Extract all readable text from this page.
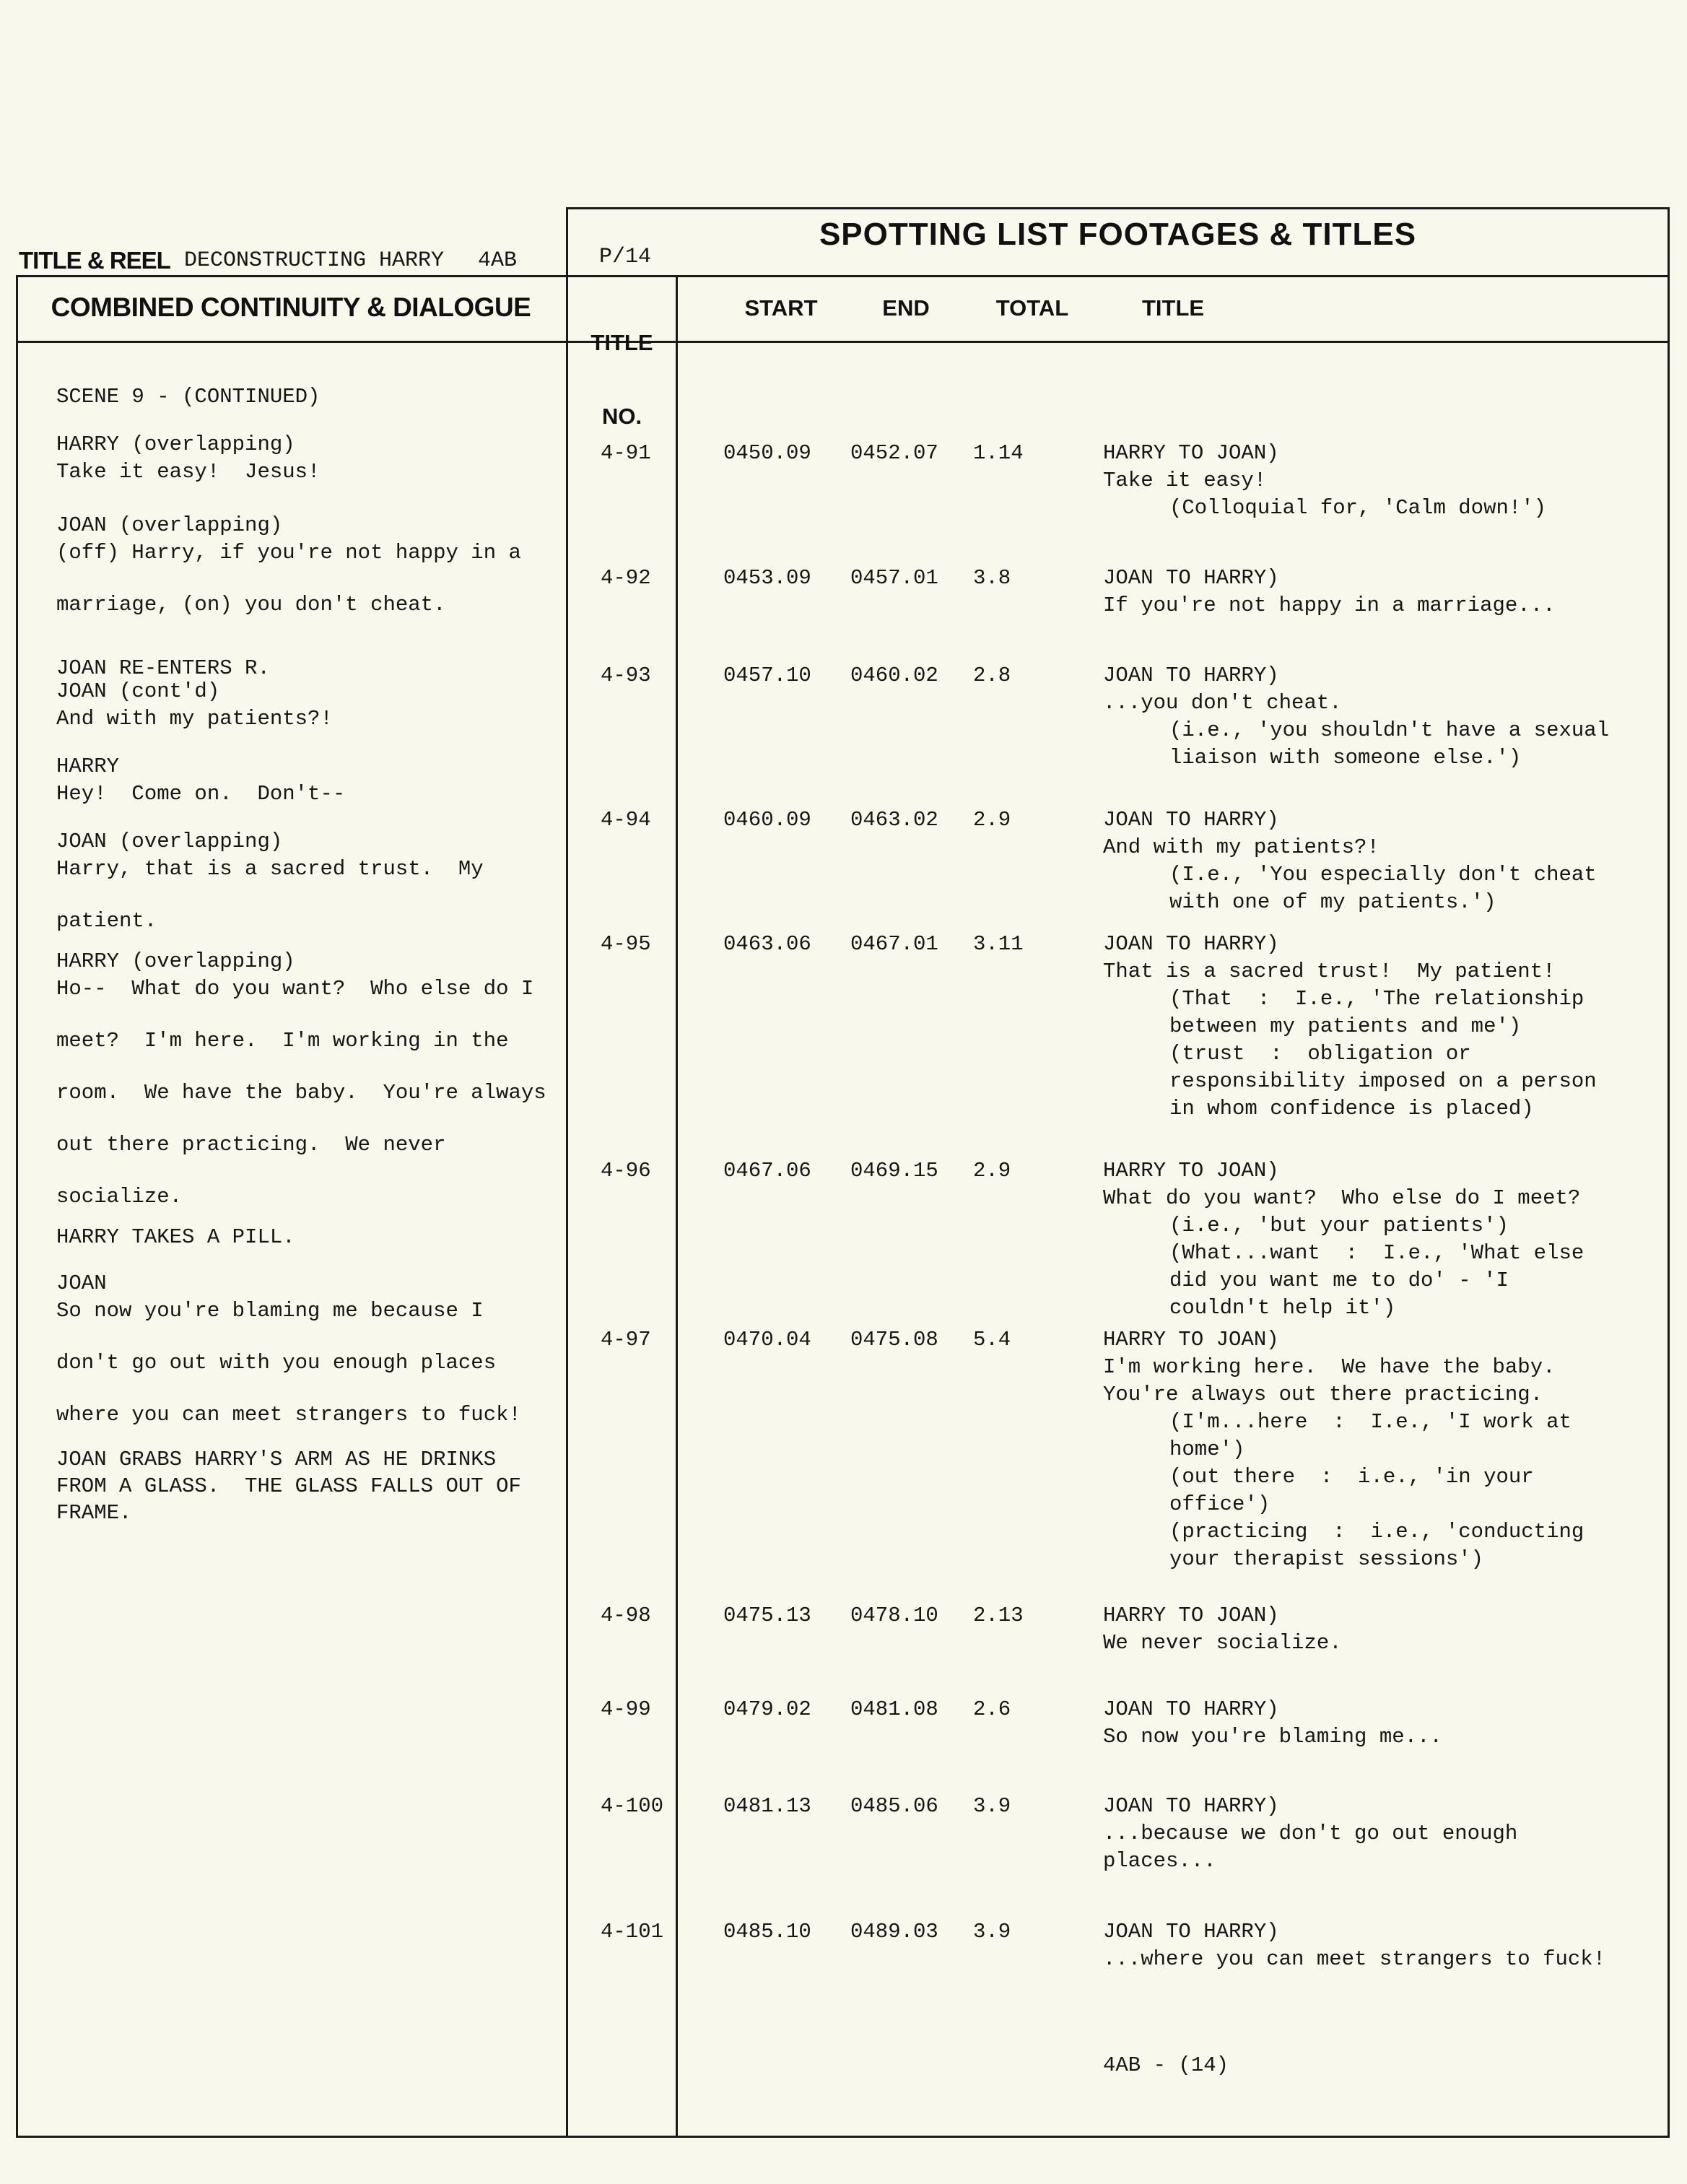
TITLE & REEL DECONSTRUCTING HARRY 4AB	P/14
SPOTTING LIST FOOTAGES & TITLES
COMBINED CONTINUITY & DIALOGUE

TITLE

NO.

START	END	TOTAL	TITLE
SCENE 9 - (CONTINUED)
HARRY (overlapping)
Take it easy!  Jesus!
JOAN (overlapping)
(off) Harry, if you're not happy in a
marriage, (on) you don't cheat.
JOAN RE-ENTERS R.
JOAN (cont'd)
And with my patients?!
HARRY
Hey!  Come on.  Don't--
JOAN (overlapping)
Harry, that is a sacred trust.  My
patient.
HARRY (overlapping)
Ho--  What do you want?  Who else do I
meet?  I'm here.  I'm working in the
room.  We have the baby.  You're always
out there practicing.  We never
socialize.
HARRY TAKES A PILL.
JOAN
So now you're blaming me because I
don't go out with you enough places
where you can meet strangers to fuck!
JOAN GRABS HARRY'S ARM AS HE DRINKS
FROM A GLASS.  THE GLASS FALLS OUT OF
FRAME.
4-91	0450.09 0452.07 1.14	HARRY TO JOAN)
Take it easy!
(Colloquial for, 'Calm down!')
4-92	0453.09 0457.01 3.8	JOAN TO HARRY)
If you're not happy in a marriage...
4-93	0457.10 0460.02 2.8	JOAN TO HARRY)
...you don't cheat.
(i.e., 'you shouldn't have a sexual
liaison with someone else.')
4-94	0460.09 0463.02 2.9	JOAN TO HARRY)
And with my patients?!
(I.e., 'You especially don't cheat
with one of my patients.')
4-95	0463.06 0467.01 3.11	JOAN TO HARRY)
That is a sacred trust!  My patient!
(That  :  I.e., 'The relationship
between my patients and me')
(trust  :  obligation or
responsibility imposed on a person
in whom confidence is placed)
4-96	0467.06 0469.15 2.9	HARRY TO JOAN)
What do you want?  Who else do I meet?
(i.e., 'but your patients')
(What...want  :  I.e., 'What else
did you want me to do' - 'I
couldn't help it')
4-97	0470.04 0475.08 5.4	HARRY TO JOAN)
I'm working here.  We have the baby.
You're always out there practicing.
(I'm...here  :  I.e., 'I work at
home')
(out there  :  i.e., 'in your
office')
(practicing  :  i.e., 'conducting
your therapist sessions')
4-98	0475.13 0478.10 2.13	HARRY TO JOAN)
We never socialize.
4-99	0479.02 0481.08 2.6	JOAN TO HARRY)
So now you're blaming me...
4-100	0481.13 0485.06 3.9	JOAN TO HARRY)
...because we don't go out enough
places...
4-101	0485.10 0489.03 3.9	JOAN TO HARRY)
...where you can meet strangers to fuck!
4AB - (14)
